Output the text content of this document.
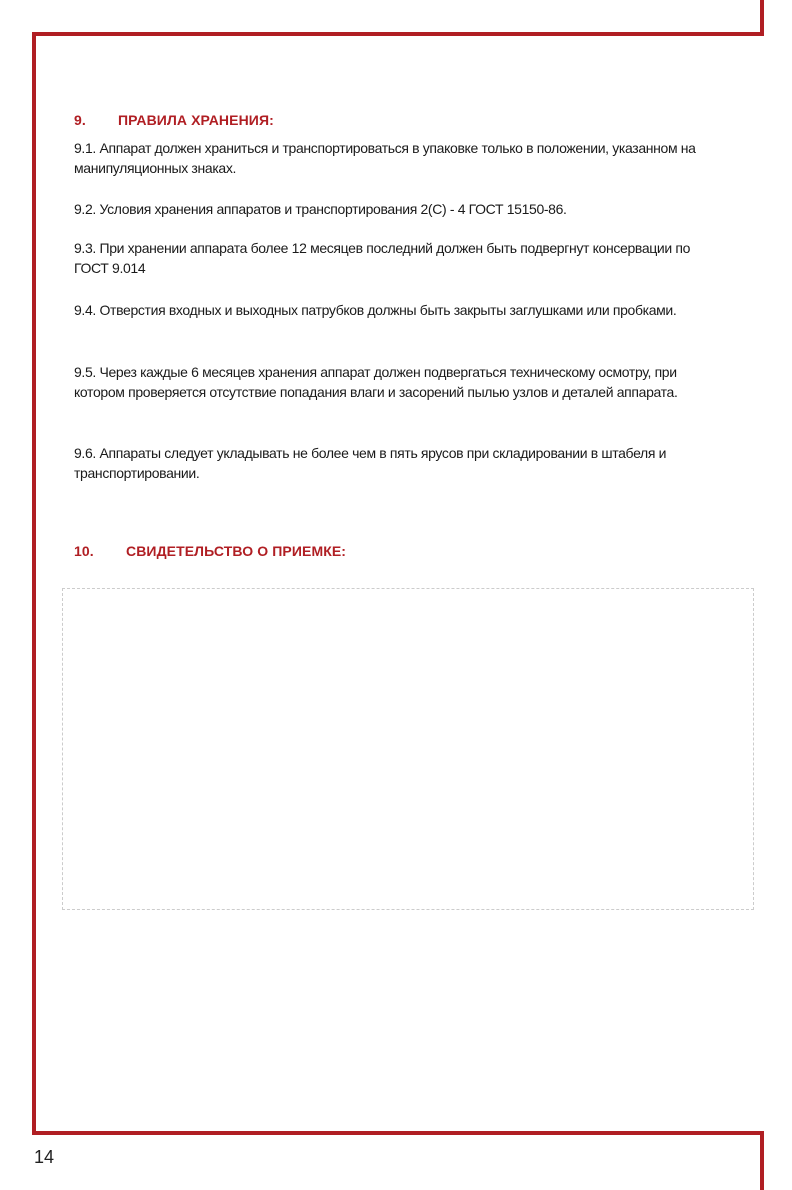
9. ПРАВИЛА ХРАНЕНИЯ:

9.1. Аппарат должен храниться и транспортироваться в упаковке только в положении, указанном на манипуляционных знаках.

9.2. Условия хранения аппаратов и транспортирования 2(С) - 4 ГОСТ 15150-86.

9.3. При хранении аппарата более 12 месяцев последний должен быть подвергнут консервации по ГОСТ 9.014

9.4. Отверстия входных и выходных патрубков должны быть закрыты заглушками или пробками.

9.5. Через каждые 6 месяцев хранения аппарат должен подвергаться техническому осмотру, при котором проверяется отсутствие попадания влаги и засорений пылью узлов и деталей аппарата.

9.6. Аппараты следует укладывать не более чем в пять ярусов при складировании в штабеля и транспортировании.

10. СВИДЕТЕЛЬСТВО О ПРИЕМКЕ:
14
